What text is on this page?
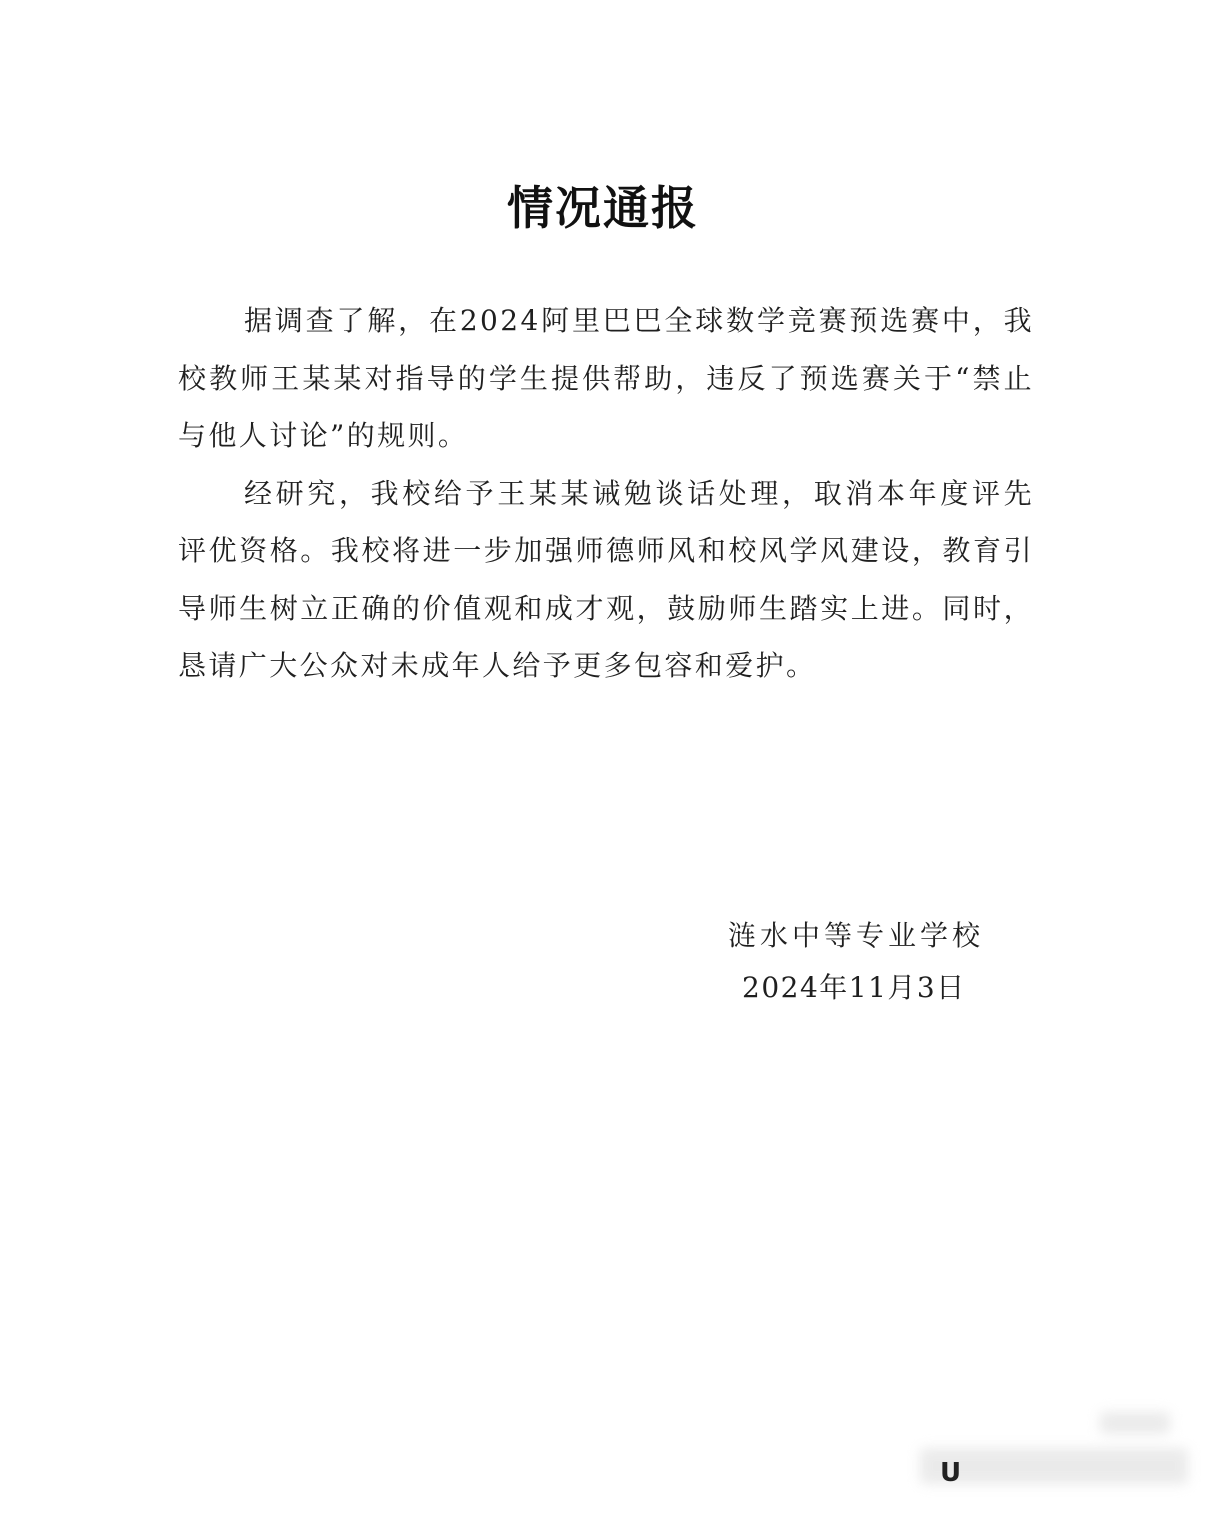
情况通报

据调查了解，在2024阿里巴巴全球数学竞赛预选赛中，我校教师王某某对指导的学生提供帮助，违反了预选赛关于“禁止与他人讨论”的规则。

经研究，我校给予王某某诫勉谈话处理，取消本年度评先评优资格。我校将进一步加强师德师风和校风学风建设，教育引导师生树立正确的价值观和成才观，鼓励师生踏实上进。同时，恳请广大公众对未成年人给予更多包容和爱护。

涟水中等专业学校
2024年11月3日
U
